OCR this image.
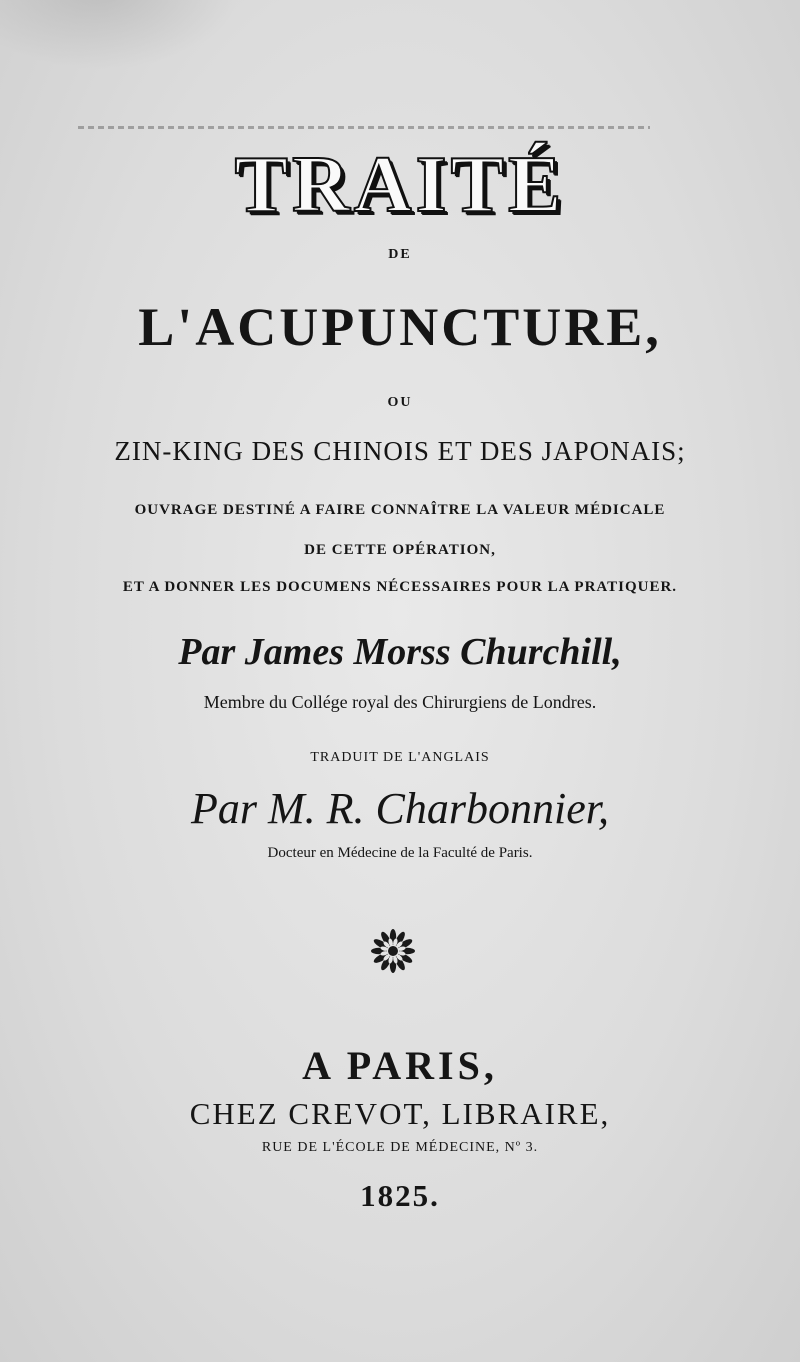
TRAITÉ
DE
L'ACUPUNCTURE,
OU
ZIN-KING DES CHINOIS ET DES JAPONAIS;
OUVRAGE DESTINÉ A FAIRE CONNAÎTRE LA VALEUR MÉDICALE
DE CETTE OPÉRATION,
ET A DONNER LES DOCUMENS NÉCESSAIRES POUR LA PRATIQUER.
Par James Morss Churchill,
Membre du Collége royal des Chirurgiens de Londres.
TRADUIT DE L'ANGLAIS
Par M. R. Charbonnier,
Docteur en Médecine de la Faculté de Paris.
A PARIS,
CHEZ CREVOT, LIBRAIRE,
RUE DE L'ÉCOLE DE MÉDECINE, Nº 3.
1825.
